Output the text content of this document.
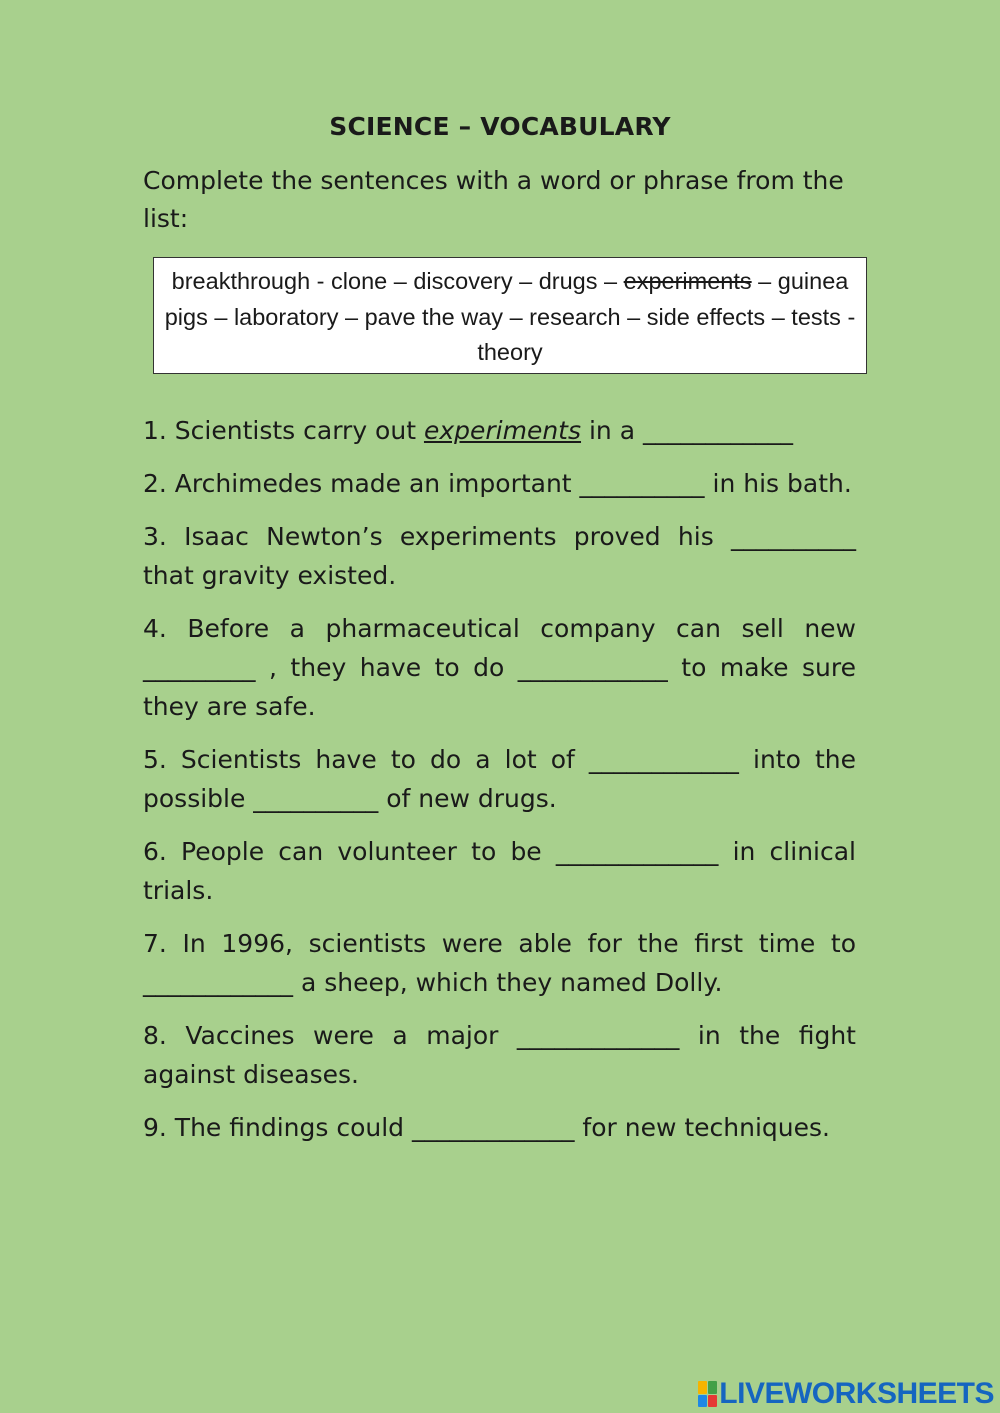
SCIENCE – VOCABULARY
Complete the sentences with a word or phrase from the list:
breakthrough - clone – discovery – drugs – experiments – guinea pigs – laboratory – pave the way – research – side effects – tests - theory
1. Scientists carry out experiments in a ____________
2. Archimedes made an important __________ in his bath.
3. Isaac Newton’s experiments proved his __________ that gravity existed.
4. Before a pharmaceutical company can sell new _________ , they have to do ____________ to make sure they are safe.
5. Scientists have to do a lot of ____________ into the possible __________ of new drugs.
6. People can volunteer to be _____________ in clinical trials.
7. In 1996, scientists were able for the first time to ____________ a sheep, which they named Dolly.
8. Vaccines were a major _____________ in the fight against diseases.
9. The findings could _____________ for new techniques.
LIVEWORKSHEETS
